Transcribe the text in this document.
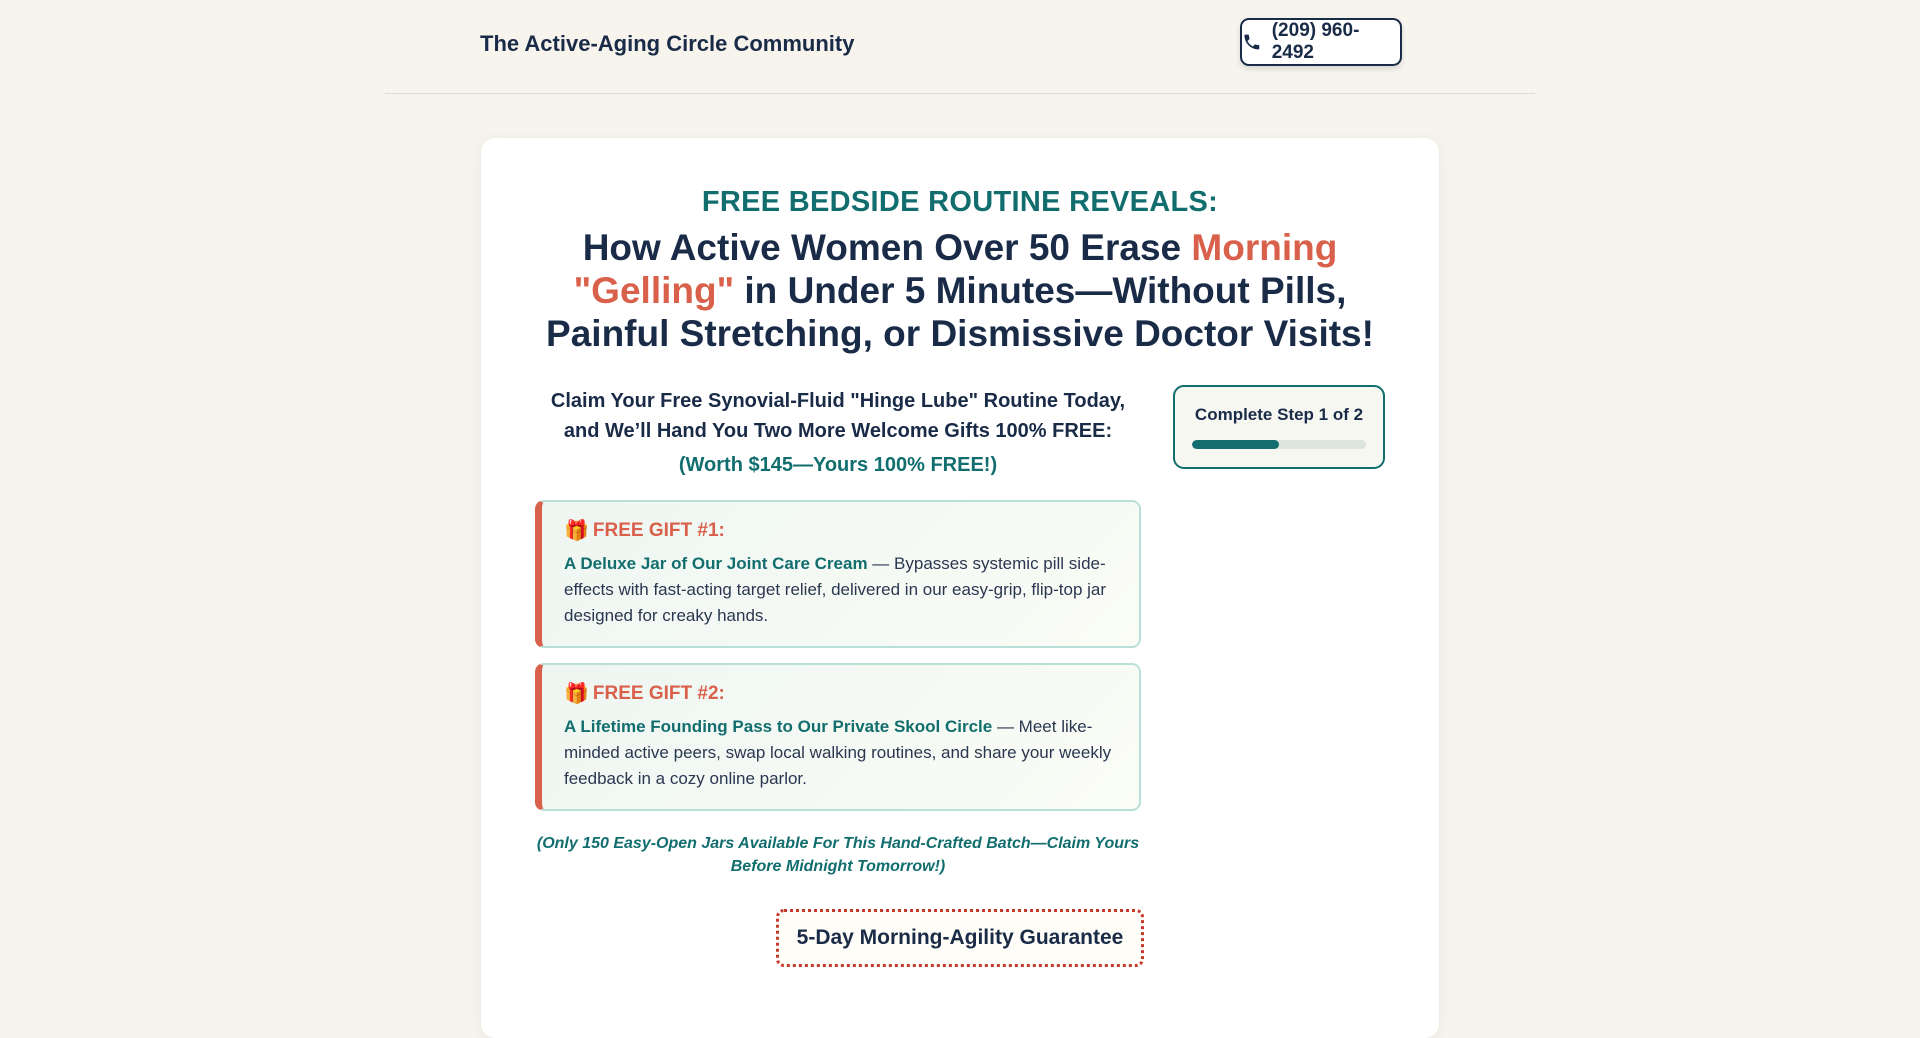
The Active-Aging Circle Community
(209) 960-2492
FREE BEDSIDE ROUTINE REVEALS:
How Active Women Over 50 Erase Morning "Gelling" in Under 5 Minutes—Without Pills, Painful Stretching, or Dismissive Doctor Visits!

Claim Your Free Synovial-Fluid "Hinge Lube" Routine Today, and We’ll Hand You Two More Welcome Gifts 100% FREE:

(Worth $145—Yours 100% FREE!)
🎁 FREE GIFT #1:

A Deluxe Jar of Our Joint Care Cream — Bypasses systemic pill side-effects with fast-acting target relief, delivered in our easy-grip, flip-top jar designed for creaky hands.

🎁 FREE GIFT #2:

A Lifetime Founding Pass to Our Private Skool Circle — Meet like-minded active peers, swap local walking routines, and share your weekly feedback in a cozy online parlor.

(Only 150 Easy-Open Jars Available For This Hand-Crafted Batch—Claim Yours Before Midnight Tomorrow!)
Complete Step 1 of 2
5-Day Morning-Agility Guarantee
